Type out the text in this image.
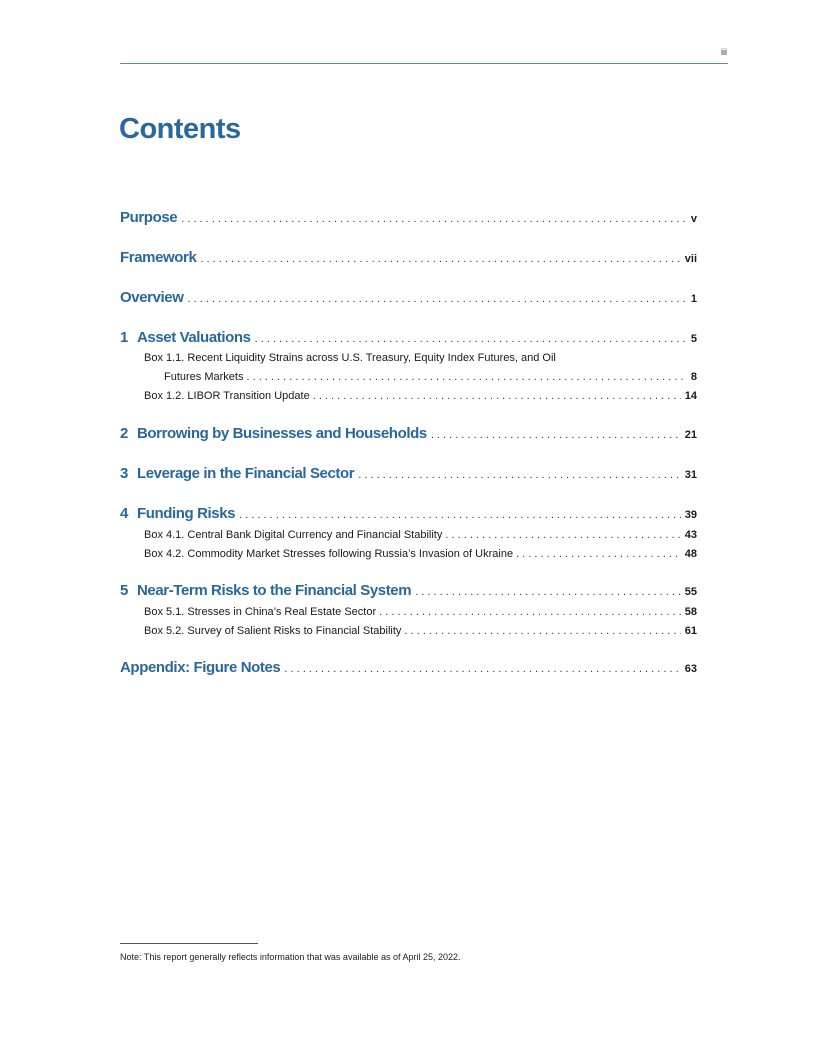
iii
Contents
Purpose . . .	v
Framework . . .	vii
Overview . . .	1
1 Asset Valuations . . .	5
Box 1.1. Recent Liquidity Strains across U.S. Treasury, Equity Index Futures, and Oil
Futures Markets . . .	8
Box 1.2. LIBOR Transition Update . . .	14
2 Borrowing by Businesses and Households . . .	21
3 Leverage in the Financial Sector . . .	31
4 Funding Risks . . .	39
Box 4.1. Central Bank Digital Currency and Financial Stability . . .	43
Box 4.2. Commodity Market Stresses following Russia’s Invasion of Ukraine . . .	48
5 Near-Term Risks to the Financial System . . .	55
Box 5.1. Stresses in China’s Real Estate Sector . . .	58
Box 5.2. Survey of Salient Risks to Financial Stability . . .	61
Appendix: Figure Notes . . .	63
Note: This report generally reflects information that was available as of April 25, 2022.
